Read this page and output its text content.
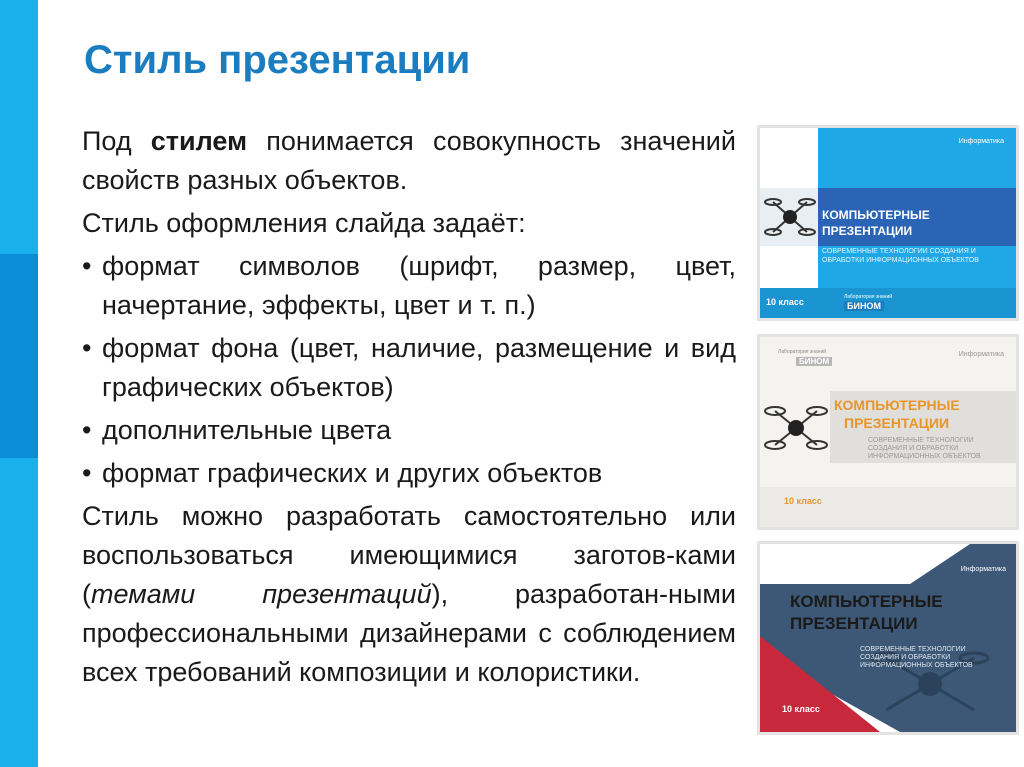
Стиль презентации

Под стилем понимается совокупность значений свойств разных объектов.

Стиль оформления слайда задаёт:

• формат символов (шрифт, размер, цвет, начертание, эффекты, цвет и т. п.)
• формат фона (цвет, наличие, размещение и вид графических объектов)
• дополнительные цвета
• формат графических и других объектов

Стиль можно разработать самостоятельно или воспользоваться имеющимися заготов-ками (темами презентаций), разработан-ными профессиональными дизайнерами с соблюдением всех требований композиции и колористики.

Информатика
КОМПЬЮТЕРНЫЕ
ПРЕЗЕНТАЦИИ
СОВРЕМЕННЫЕ ТЕХНОЛОГИИ СОЗДАНИЯ И
ОБРАБОТКИ ИНФОРМАЦИОННЫХ ОБЪЕКТОВ
10 класс	Лаборатория знаний
БИНОМ
Лаборатория знаний
БИНОМ
Информатика
КОМПЬЮТЕРНЫЕ
ПРЕЗЕНТАЦИИ
СОВРЕМЕННЫЕ ТЕХНОЛОГИИ
СОЗДАНИЯ И ОБРАБОТКИ
ИНФОРМАЦИОННЫХ ОБЪЕКТОВ
10 класс
Информатика
КОМПЬЮТЕРНЫЕ
ПРЕЗЕНТАЦИИ
СОВРЕМЕННЫЕ ТЕХНОЛОГИИ
СОЗДАНИЯ И ОБРАБОТКИ
ИНФОРМАЦИОННЫХ ОБЪЕКТОВ
10 класс
